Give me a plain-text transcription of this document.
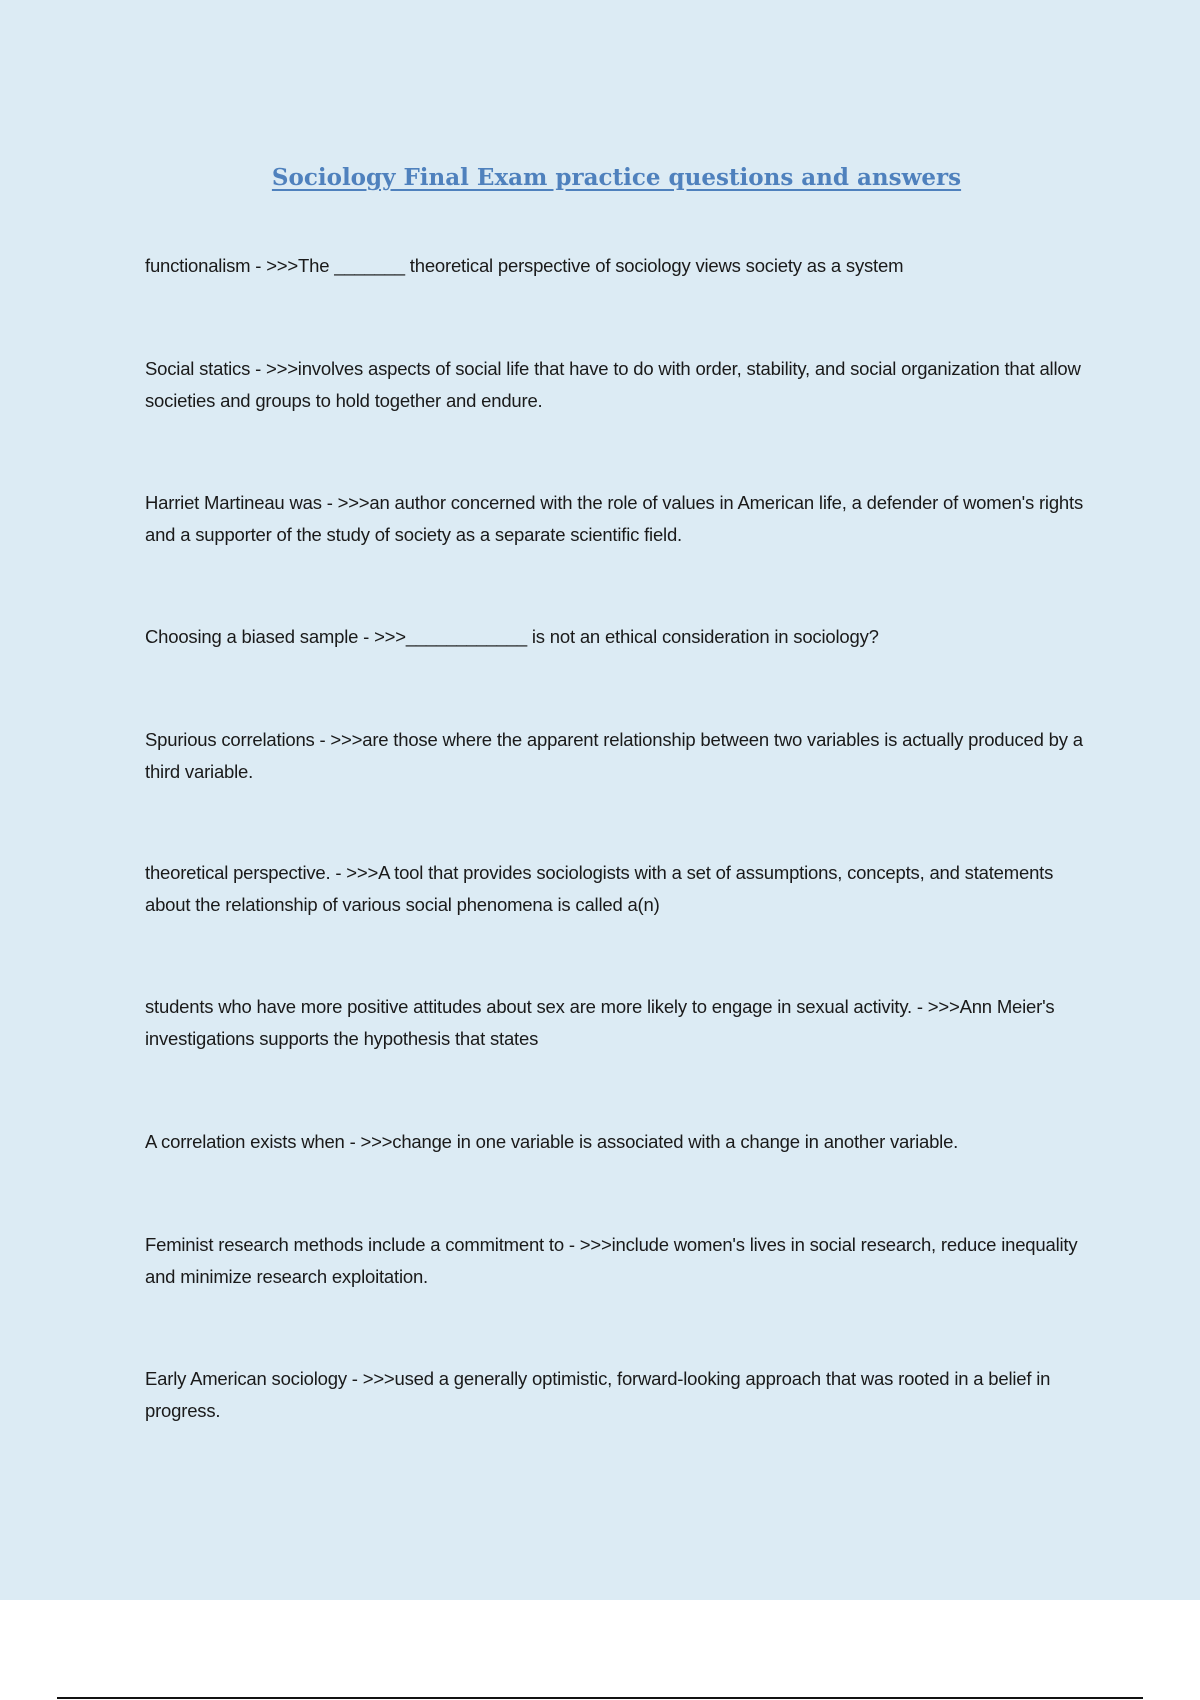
Sociology Final Exam practice questions and answers

functionalism - >>>The _______ theoretical perspective of sociology views society as a system

Social statics - >>>involves aspects of social life that have to do with order, stability, and social organization that allow societies and groups to hold together and endure.

Harriet Martineau was - >>>an author concerned with the role of values in American life, a defender of women's rights and a supporter of the study of society as a separate scientific field.

Choosing a biased sample - >>>____________ is not an ethical consideration in sociology?

Spurious correlations - >>>are those where the apparent relationship between two variables is actually produced by a third variable.

theoretical perspective. - >>>A tool that provides sociologists with a set of assumptions, concepts, and statements about the relationship of various social phenomena is called a(n)

students who have more positive attitudes about sex are more likely to engage in sexual activity. - >>>Ann Meier's investigations supports the hypothesis that states

A correlation exists when - >>>change in one variable is associated with a change in another variable.

Feminist research methods include a commitment to - >>>include women's lives in social research, reduce inequality and minimize research exploitation.

Early American sociology - >>>used a generally optimistic, forward-looking approach that was rooted in a belief in progress.
